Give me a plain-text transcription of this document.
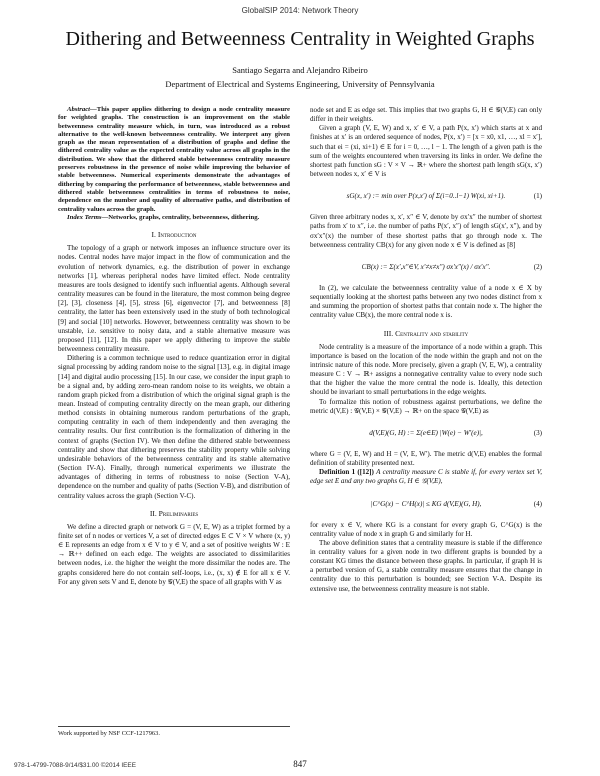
GlobalSIP 2014: Network Theory
Dithering and Betweenness Centrality in Weighted Graphs
Santiago Segarra and Alejandro Ribeiro
Department of Electrical and Systems Engineering, University of Pennsylvania

Abstract—This paper applies dithering to design a node centrality measure for weighted graphs. The construction is an improvement on the stable betweenness centrality measure which, in turn, was introduced as a robust alternative to the well-known betweenness centrality. We interpret any given graph as the mean representation of a distribution of graphs and define the dithered centrality value as the expected centrality value across all graphs in the distribution. We show that the dithered stable betweenness centrality measure preserves robustness in the presence of noise while improving the behavior of stable betweenness. Numerical experiments demonstrate the advantages of dithering by comparing the performance of betweenness, stable betweenness and dithered stable betweenness centralities in terms of robustness to noise, dependence on the number and quality of alternative paths, and distribution of centrality values across the graph.

Index Terms—Networks, graphs, centrality, betweenness, dithering.

I. Introduction

The topology of a graph or network imposes an influence structure over its nodes. Central nodes have major impact in the flow of communication and the evolution of network dynamics, e.g. the distribution of power in exchange networks [1], whereas peripheral nodes have limited effect. Node centrality measures are tools designed to identify such influential agents. Although several centrality measures can be found in the literature, the most common being degree [2], [3], closeness [4], [5], stress [6], eigenvector [7], and betweenness [8] centrality, the latter has been extensively used in the study of both technological [9] and social [10] networks. However, betweenness centrality was shown to be unstable, i.e. sensitive to noisy data, and a stable alternative measure was proposed [11], [12]. In this paper we apply dithering to improve the stable betweenness centrality measure.

Dithering is a common technique used to reduce quantization error in digital signal processing by adding random noise to the signal [13], e.g. in digital image [14] and digital audio processing [15]. In our case, we consider the input graph to be a signal and, by adding zero-mean random noise to its weights, we obtain a random graph picked from a distribution of which the original signal graph is the mean. Instead of computing centrality directly on the mean graph, our dithering method consists in obtaining numerous random perturbations of the graph, computing centrality in each of them independently and then averaging the centrality results. Our first contribution is the formalization of dithering in the context of graphs (Section IV). We then define the dithered stable betweenness centrality and show that dithering preserves the stability property while solving undesirable behaviors of the betweenness centrality and its stable alternative (Section IV-A). Finally, through numerical experiments we illustrate the advantages of dithering in terms of robustness to noise (Section V-A), dependence on the number and quality of paths (Section V-B), and distribution of centrality values across the graph (Section V-C).

II. Preliminaries

We define a directed graph or network G = (V, E, W) as a triplet formed by a finite set of n nodes or vertices V, a set of directed edges E ⊂ V × V where (x, y) ∈ E represents an edge from x ∈ V to y ∈ V, and a set of positive weights W : E → ℝ++ defined on each edge. The weights are associated to dissimilarities between nodes, i.e. the higher the weight the more dissimilar the nodes are. The graphs considered here do not contain self-loops, i.e., (x, x) ∉ E for all x ∈ V. For any given sets V and E, denote by 𝒢(V,E) the space of all graphs with V as

Work supported by NSF CCF-1217963.

node set and E as edge set. This implies that two graphs G, H ∈ 𝒢(V,E) can only differ in their weights.

Given a graph (V, E, W) and x, x′ ∈ V, a path P(x, x′) which starts at x and finishes at x′ is an ordered sequence of nodes, P(x, x′) = [x = x0, x1, …, xl = x′], such that ei = (xi, xi+1) ∈ E for i = 0, …, l − 1. The length of a given path is the sum of the weights encountered when traversing its links in order. We define the shortest path function sG : V × V → ℝ+ where the shortest path length sG(x, x′) between nodes x, x′ ∈ V is

sG(x, x′) := min over P(x,x′) of Σ(i=0..l−1) W(xi, xi+1).	(1)

Given three arbitrary nodes x, x′, x″ ∈ V, denote by σx′x″ the number of shortest paths from x′ to x″, i.e. the number of paths P(x′, x″) of length sG(x′, x″), and by σx′x″(x) the number of these shortest paths that go through node x. The betweenness centrality CB(x) for any given node x ∈ V is defined as [8]

CB(x) := Σ(x′,x″∈V, x′≠x≠x″) σx′x″(x) / σx′x″.	(2)

In (2), we calculate the betweenness centrality value of a node x ∈ X by sequentially looking at the shortest paths between any two nodes distinct from x and summing the proportion of shortest paths that contain node x. The higher the centrality value CB(x), the more central node x is.

III. Centrality and stability

Node centrality is a measure of the importance of a node within a graph. This importance is based on the location of the node within the graph and not on the intrinsic nature of this node. More precisely, given a graph (V, E, W), a centrality measure C : V → ℝ+ assigns a nonnegative centrality value to every node such that the higher the value the more central the node is. Ideally, this detection should be invariant to small perturbations in the edge weights.

To formalize this notion of robustness against perturbations, we define the metric d(V,E) : 𝒢(V,E) × 𝒢(V,E) → ℝ+ on the space 𝒢(V,E) as

d(V,E)(G, H) := Σ(e∈E) |W(e) − W′(e)|,	(3)

where G = (V, E, W) and H = (V, E, W′). The metric d(V,E) enables the formal definition of stability presented next.

Definition 1 ([12]) A centrality measure C is stable if, for every vertex set V, edge set E and any two graphs G, H ∈ 𝒢(V,E),

|C^G(x) − C^H(x)| ≤ KG d(V,E)(G, H),	(4)

for every x ∈ V, where KG is a constant for every graph G, C^G(x) is the centrality value of node x in graph G and similarly for H.

The above definition states that a centrality measure is stable if the difference in centrality values for a given node in two different graphs is bounded by a constant KG times the distance between these graphs. In particular, if graph H is a perturbed version of G, a stable centrality measure ensures that the change in centrality due to this perturbation is bounded; see Section V-A. Despite its extensive use, the betweenness centrality measure is not stable.

978-1-4799-7088-9/14/$31.00 ©2014 IEEE	847
